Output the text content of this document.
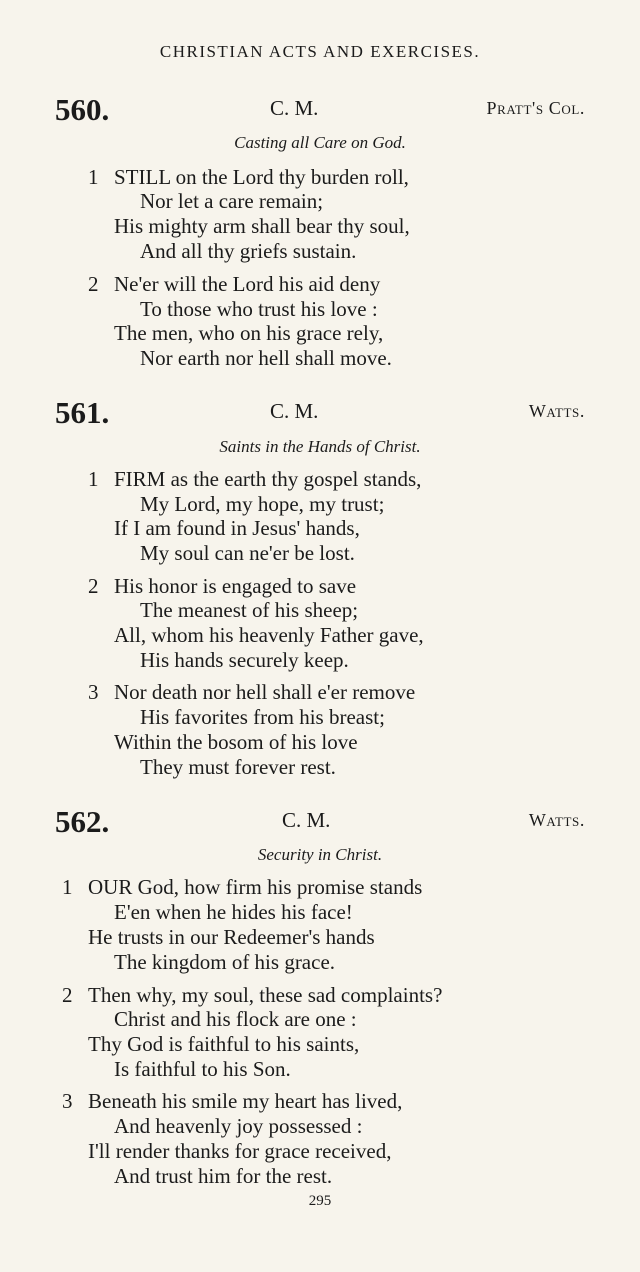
CHRISTIAN ACTS AND EXERCISES.
560.	C. M.	Pratt's Col.
Casting all Care on God.
1 STILL on the Lord thy burden roll,
Nor let a care remain;
His mighty arm shall bear thy soul,
And all thy griefs sustain.
2 Ne'er will the Lord his aid deny
To those who trust his love :
The men, who on his grace rely,
Nor earth nor hell shall move.
561.	C. M.	Watts.
Saints in the Hands of Christ.
1 FIRM as the earth thy gospel stands,
My Lord, my hope, my trust;
If I am found in Jesus' hands,
My soul can ne'er be lost.
2 His honor is engaged to save
The meanest of his sheep;
All, whom his heavenly Father gave,
His hands securely keep.
3 Nor death nor hell shall e'er remove
His favorites from his breast;
Within the bosom of his love
They must forever rest.
562.	C. M.	Watts.
Security in Christ.
1 OUR God, how firm his promise stands
E'en when he hides his face!
He trusts in our Redeemer's hands
The kingdom of his grace.
2 Then why, my soul, these sad complaints?
Christ and his flock are one :
Thy God is faithful to his saints,
Is faithful to his Son.
3 Beneath his smile my heart has lived,
And heavenly joy possessed :
I'll render thanks for grace received,
And trust him for the rest.
295
